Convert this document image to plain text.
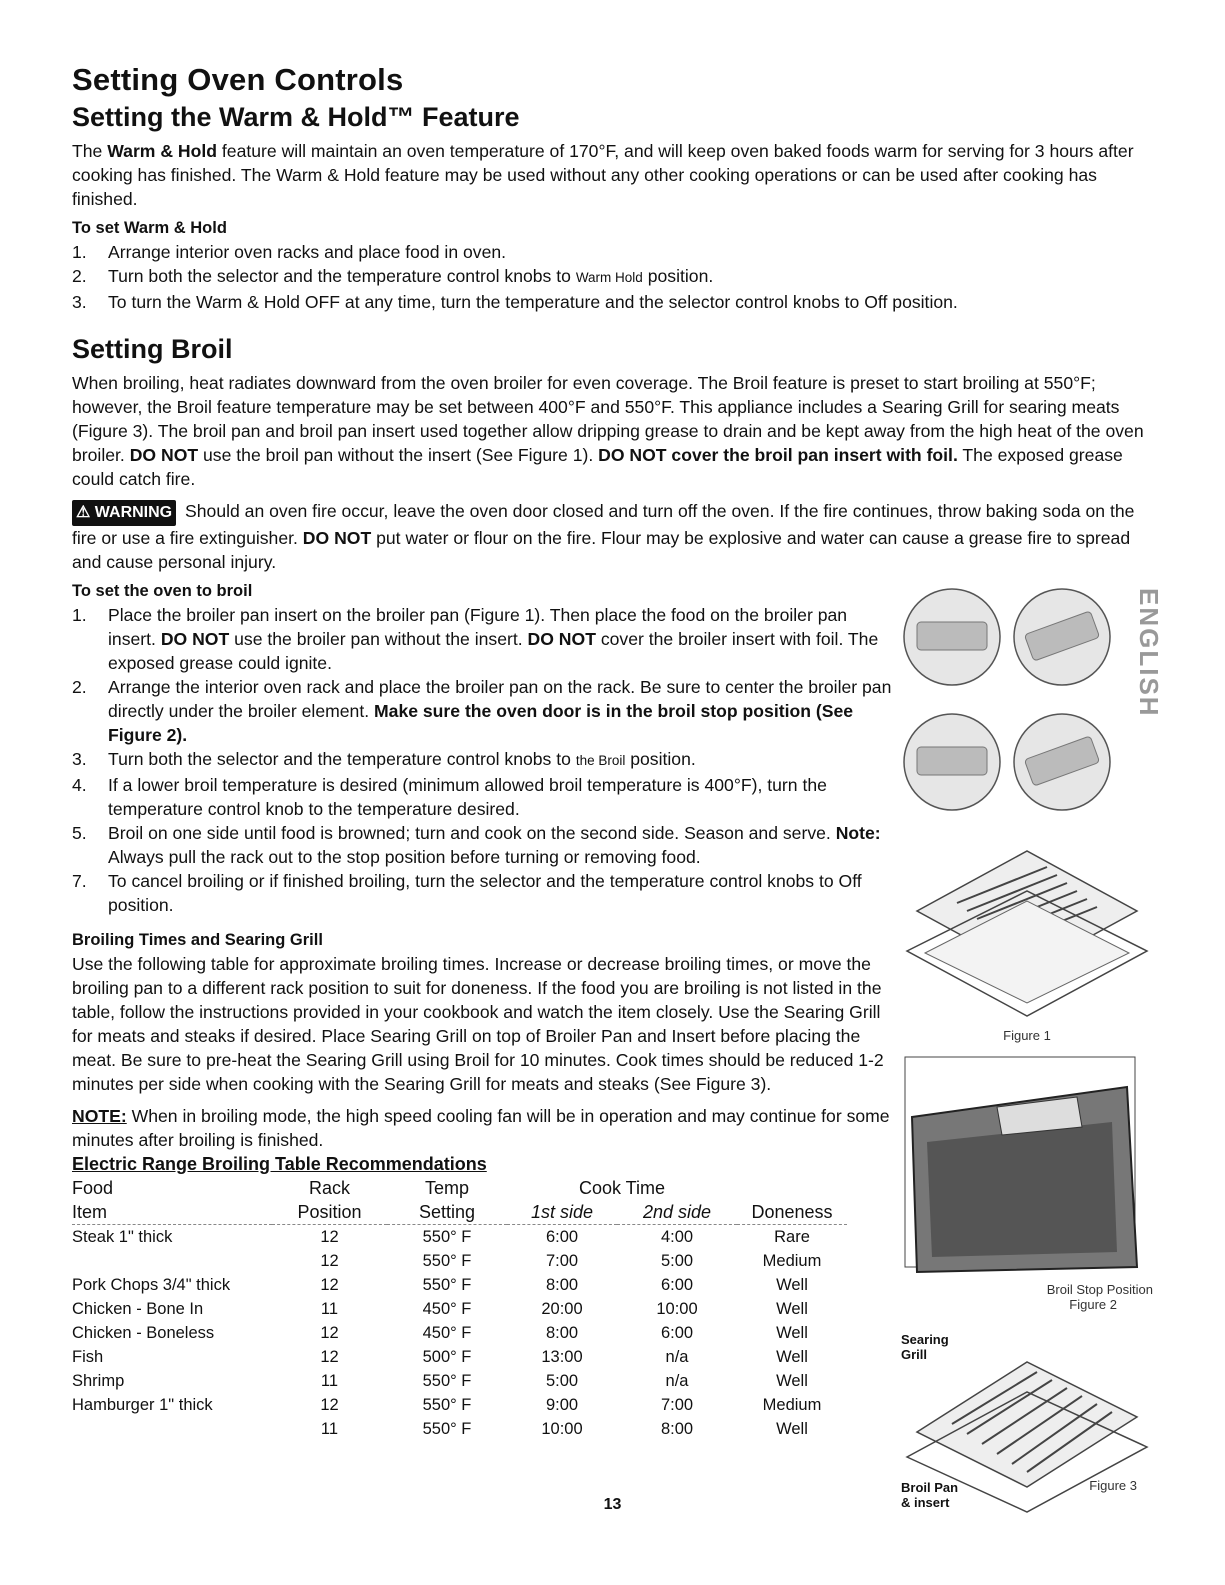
Setting Oven Controls
Setting the Warm & Hold™ Feature

The Warm & Hold feature will maintain an oven temperature of 170°F, and will keep oven baked foods warm for serving for 3 hours after cooking has finished. The Warm & Hold feature may be used without any other cooking operations or can be used after cooking has finished.

To set Warm & Hold

1.	Arrange interior oven racks and place food in oven.
2.	Turn both the selector and the temperature control knobs to Warm Hold position.
3.	To turn the Warm & Hold OFF at any time, turn the temperature and the selector control knobs to Off position.
Setting Broil

When broiling, heat radiates downward from the oven broiler for even coverage. The Broil feature is preset to start broiling at 550°F; however, the Broil feature temperature may be set between 400°F and 550°F. This appliance includes a Searing Grill for searing meats (Figure 3). The broil pan and broil pan insert used together allow dripping grease to drain and be kept away from the high heat of the oven broiler. DO NOT use the broil pan without the insert (See Figure 1). DO NOT cover the broil pan insert with foil. The exposed grease could catch fire.

⚠ WARNING Should an oven fire occur, leave the oven door closed and turn off the oven. If the fire continues, throw baking soda on the fire or use a fire extinguisher. DO NOT put water or flour on the fire. Flour may be explosive and water can cause a grease fire to spread and cause personal injury.

To set the oven to broil

1.	Place the broiler pan insert on the broiler pan (Figure 1). Then place the food on the broiler pan insert. DO NOT use the broiler pan without the insert. DO NOT cover the broiler insert with foil. The exposed grease could ignite.
2.	Arrange the interior oven rack and place the broiler pan on the rack. Be sure to center the broiler pan directly under the broiler element. Make sure the oven door is in the broil stop position (See Figure 2).
3.	Turn both the selector and the temperature control knobs to the Broil position.
4.	If a lower broil temperature is desired (minimum allowed broil temperature is 400°F), turn the temperature control knob to the temperature desired.
5.	Broil on one side until food is browned; turn and cook on the second side. Season and serve. Note: Always pull the rack out to the stop position before turning or removing food.
7.	To cancel broiling or if finished broiling, turn the selector and the temperature control knobs to Off position.

Broiling Times and Searing Grill

Use the following table for approximate broiling times. Increase or decrease broiling times, or move the broiling pan to a different rack position to suit for doneness. If the food you are broiling is not listed in the table, follow the instructions provided in your cookbook and watch the item closely. Use the Searing Grill for meats and steaks if desired. Place Searing Grill on top of Broiler Pan and Insert before placing the meat. Be sure to pre-heat the Searing Grill using Broil for 10 minutes. Cook times should be reduced 1-2 minutes per side when cooking with the Searing Grill for meats and steaks (See Figure 3).

NOTE: When in broiling mode, the high speed cooling fan will be in operation and may continue for some minutes after broiling is finished.

Electric Range Broiling Table Recommendations

Food	Rack	Temp	Cook Time		
Item	Position	Setting	1st side	2nd side	Doneness

Steak 1" thick	12	550° F	6:00	4:00	Rare
	12	550° F	7:00	5:00	Medium
Pork Chops 3/4" thick	12	550° F	8:00	6:00	Well
Chicken - Bone In	11	450° F	20:00	10:00	Well
Chicken - Boneless	12	450° F	8:00	6:00	Well
Fish	12	500° F	13:00	n/a	Well
Shrimp	11	550° F	5:00	n/a	Well
Hamburger 1" thick	12	550° F	9:00	7:00	Medium
	11	550° F	10:00	8:00	Well

Figure 1
Broil Stop Position
Figure 2
Searing
Grill
Broil Pan
& insert
Figure 3
ENGLISH
13
